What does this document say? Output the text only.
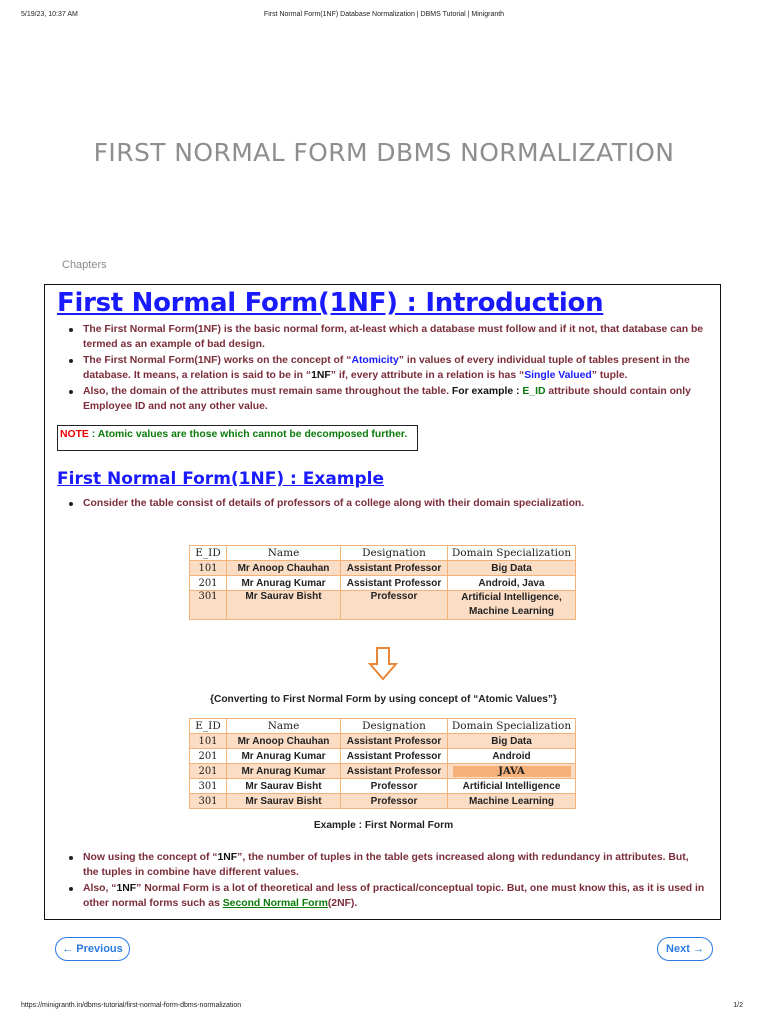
5/19/23, 10:37 AM	First Normal Form(1NF) Database Normalization | DBMS Tutorial | Minigranth
FIRST NORMAL FORM DBMS NORMALIZATION
Chapters
First Normal Form(1NF) : Introduction
The First Normal Form(1NF) is the basic normal form, at-least which a database must follow and if it not, that database can be termed as an example of bad design.
The First Normal Form(1NF) works on the concept of “Atomicity” in values of every individual tuple of tables present in the database. It means, a relation is said to be in “1NF” if, every attribute in a relation is has “Single Valued” tuple.
Also, the domain of the attributes must remain same throughout the table. For example : E_ID attribute should contain only Employee ID and not any other value.
NOTE : Atomic values are those which cannot be decomposed further.
First Normal Form(1NF) : Example
Consider the table consist of details of professors of a college along with their domain specialization.
E_ID	Name	Designation	Domain Specialization
101	Mr Anoop Chauhan	Assistant Professor	Big Data
201	Mr Anurag Kumar	Assistant Professor	Android, Java
301	Mr Saurav Bisht	Professor	Artificial Intelligence,
Machine Learning
{Converting to First Normal Form by using concept of “Atomic Values”}
E_ID	Name	Designation	Domain Specialization
101	Mr Anoop Chauhan	Assistant Professor	Big Data
201	Mr Anurag Kumar	Assistant Professor	Android
201	Mr Anurag Kumar	Assistant Professor	JAVA
301	Mr Saurav Bisht	Professor	Artificial Intelligence
301	Mr Saurav Bisht	Professor	Machine Learning
Example : First Normal Form
Now using the concept of “1NF”, the number of tuples in the table gets increased along with redundancy in attributes. But, the tuples in combine have different values.
Also, “1NF” Normal Form is a lot of theoretical and less of practical/conceptual topic. But, one must know this, as it is used in other normal forms such as Second Normal Form(2NF).
← Previous	Next →
https://minigranth.in/dbms-tutorial/first-normal-form-dbms-normalization	1/2
